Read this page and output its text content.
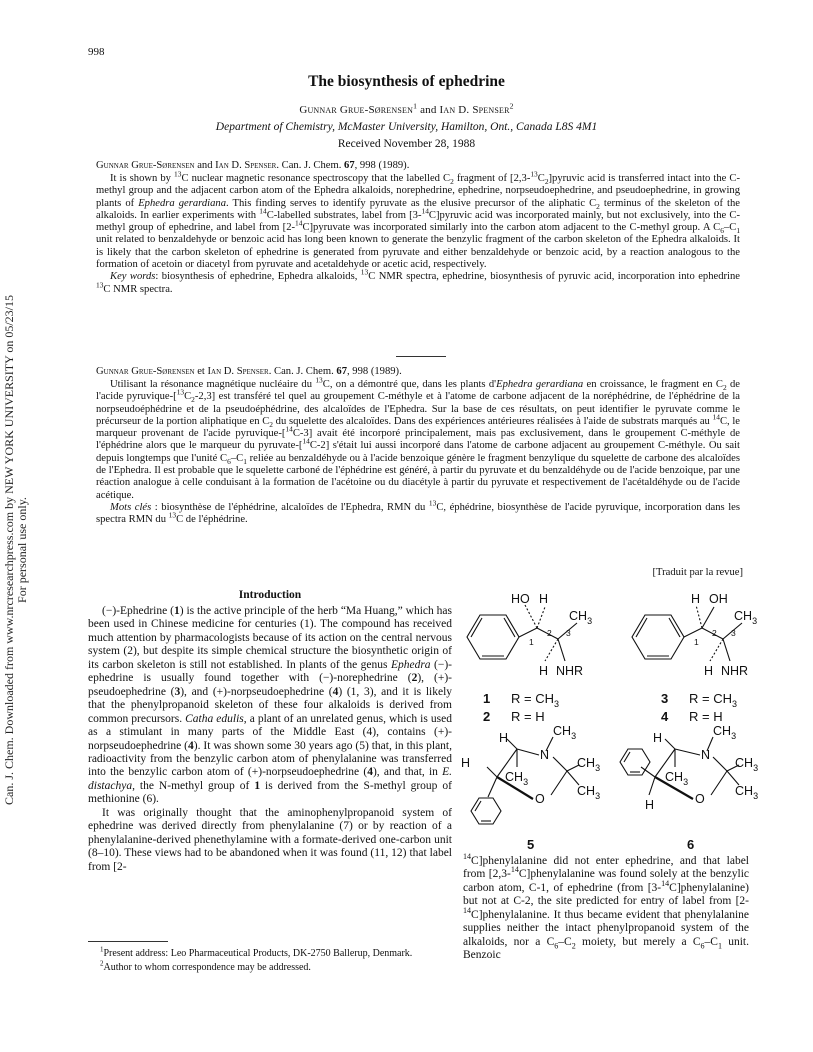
998
The biosynthesis of ephedrine
Gunnar Grue-Sørensen$^1$ and Ian D. Spenser$^2$
Department of Chemistry, McMaster University, Hamilton, Ont., Canada L8S 4M1
Received November 28, 1988

Gunnar Grue-Sørensen and Ian D. Spenser. Can. J. Chem. 67, 998 (1989).

It is shown by $^{13}$C nuclear magnetic resonance spectroscopy that the labelled $C_2$ fragment of $[2,3-^{13}C_2]pyruvic$ acid is transferred intact into the C-methyl group and the adjacent carbon atom of the Ephedra alkaloids, norephedrine, ephedrine, norpseudoephedrine, and pseudoephedrine, in growing plants of Ephedra gerardiana. This finding serves to identify pyruvate as the elusive precursor of the aliphatic $C_2$ terminus of the skeleton of the alkaloids. In earlier experiments with $^{14}$C-labelled substrates, label from [3-$^{14}$C]pyruvic acid was incorporated mainly, but not exclusively, into the C-methyl group of ephedrine, and label from [2-$^{14}$C]pyruvate was incorporated similarly into the carbon atom adjacent to the C-methyl group. A $C_6-C_1$ unit related to benzaldehyde or benzoic acid has long been known to generate the benzylic fragment of the carbon skeleton of the Ephedra alkaloids. It is likely that the carbon skeleton of ephedrine is generated from pyruvate and either benzaldehyde or benzoic acid, by a reaction analogous to the formation of acetoin or diacetyl from pyruvate and acetaldehyde or acetic acid, respectively.

Key words: biosynthesis of ephedrine, Ephedra alkaloids, $^{13}$C NMR spectra, ephedrine, biosynthesis of pyruvic acid, incorporation into ephedrine $^{13}$C NMR spectra.

Gunnar Grue-Sørensen et Ian D. Spenser. Can. J. Chem. 67, 998 (1989).

Utilisant la résonance magnétique nucléaire du $^{13}$C, on a démontré que, dans les plants d'Ephedra gerardiana en croissance, le fragment en $C_2$ de l'acide pyruvique-$[^{13}C_2-2,3]$ est transféré tel quel au groupement C-méthyle et à l'atome de carbone adjacent de la noréphédrine, de l'éphédrine de la norpseudoéphédrine et de la pseudoéphédrine, des alcaloïdes de l'Ephedra. Sur la base de ces résultats, on peut identifier le pyruvate comme le précurseur de la portion aliphatique en $C_2$ du squelette des alcaloïdes. Dans des expériences antérieures réalisées à l'aide de substrats marqués au $^{14}$C, le marqueur provenant de l'acide pyruvique-[$^{14}$C-3] avait été incorporé principalement, mais pas exclusivement, dans le groupement C-méthyle de l'éphédrine alors que le marqueur du pyruvate-[$^{14}$C-2] s'était lui aussi incorporé dans l'atome de carbone adjacent au groupement C-méthyle. Ou sait depuis longtemps que l'unité $C_6-C_1$ reliée au benzaldéhyde ou à l'acide benzoique génère le fragment benzylique du squelette de carbone des alcaloïdes de l'Ephedra. Il est probable que le squelette carboné de l'éphédrine est généré, à partir du pyruvate et du benzaldéhyde ou de l'acide benzoique, par une réaction analogue à celle conduisant à la formation de l'acétoine ou du diacétyle à partir du pyruvate et respectivement de l'acétaldéhyde ou de l'acide acétique.

Mots clés : biosynthèse de l'éphédrine, alcaloïdes de l'Ephedra, RMN du $^{13}$C, éphédrine, biosynthèse de l'acide pyruvique, incorporation dans les spectra RMN du $^{13}$C de l'éphédrine.

[Traduit par la revue]
Introduction

(−)-Ephedrine (1) is the active principle of the herb “Ma Huang,” which has been used in Chinese medicine for centuries (1). The compound has received much attention by pharmacologists because of its action on the central nervous system (2), but despite its simple chemical structure the biosynthetic origin of its carbon skeleton is still not established. In plants of the genus Ephedra (−)-ephedrine is usually found together with (−)-norephedrine (2), (+)-pseudoephedrine (3), and (+)-norpseudoephedrine (4) (1, 3), and it is likely that the phenylpropanoid skeleton of these four alkaloids is derived from common precursors. Catha edulis, a plant of an unrelated genus, which is used as a stimulant in many parts of the Middle East (4), contains (+)-norpseudoephedrine (4). It was shown some 30 years ago (5) that, in this plant, radioactivity from the benzylic carbon atom of phenylalanine was transferred into the benzylic carbon atom of (+)-norpseudoephedrine (4), and that, in E. distachya, the N-methyl group of 1 is derived from the S-methyl group of methionine (6).

It was originally thought that the aminophenylpropanoid system of ephedrine was derived directly from phenylalanine (7) or by reaction of a phenylalanine-derived phenethylamine with a formate-derived one-carbon unit (8–10). These views had to be abandoned when it was found (11, 12) that label from [2-

$^1$Present address: Leo Pharmaceutical Products, DK-2750 Ballerup, Denmark.

$^2$Author to whom correspondence may be addressed.

$^{14}$C]phenylalanine did not enter ephedrine, and that label from [2,3-$^{14}$C]phenylalanine was found solely at the benzylic carbon atom, C-1, of ephedrine (from [3-$^{14}$C]phenylalanine) but not at C-2, the site predicted for entry of label from [2-$^{14}$C]phenylalanine. It thus became evident that phenylalanine supplies neither the intact phenylpropanoid system of the alkaloids, nor a $C_6-C_2$ moiety, but merely a $C_6-C_1$ unit. Benzoic

HO H
1
2
$CH_3$
3
H NHR
H OH
1
2
$CH_3$
3
H NHR
1 $R = CH_3$
2 R = H
3 $R = CH_3$
4 R = H
H
H
N
$CH_3$
$CH_3$
$CH_3$
$CH_3$
O
5
H
H
N
$CH_3$
$CH_3$
$CH_3$
$CH_3$
O
6
Can. J. Chem. Downloaded from www.nrcresearchpress.com by NEW YORK UNIVERSITY on 05/23/15 For personal use only.
